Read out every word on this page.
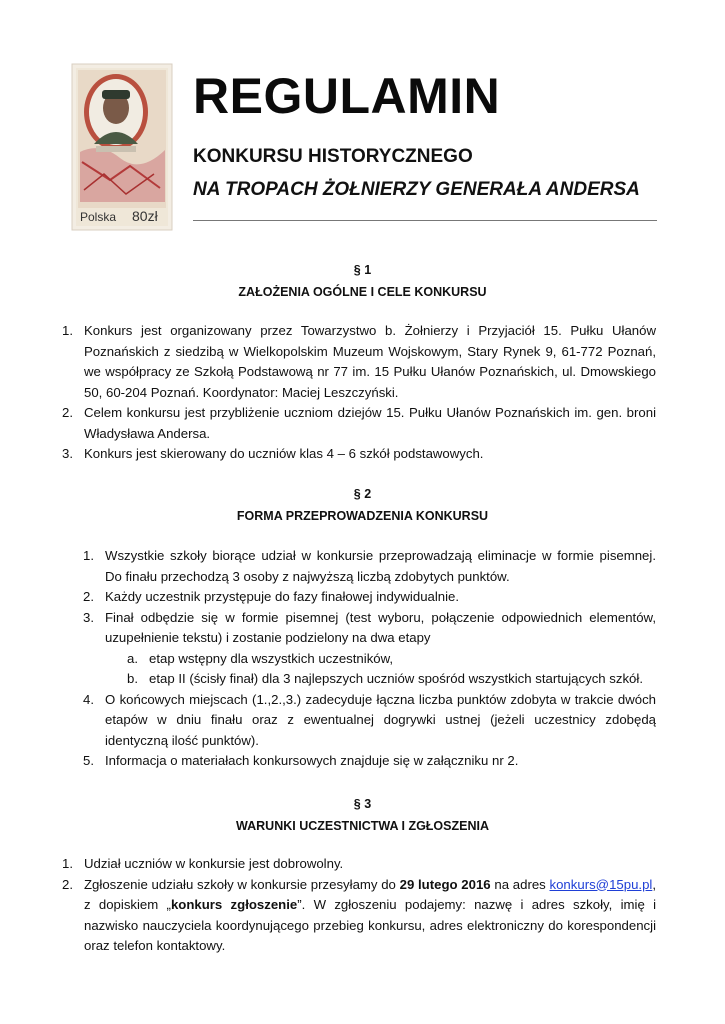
Polska 80zł
REGULAMIN
KONKURSU HISTORYCZNEGO
NA TROPACH ŻOŁNIERZY GENERAŁA ANDERSA
§ 1
ZAŁOŻENIA OGÓLNE I CELE KONKURSU
1. Konkurs jest organizowany przez Towarzystwo b. Żołnierzy i Przyjaciół 15. Pułku Ułanów Poznańskich z siedzibą w Wielkopolskim Muzeum Wojskowym, Stary Rynek 9, 61-772 Poznań, we współpracy ze Szkołą Podstawową nr 77 im. 15 Pułku Ułanów Poznańskich, ul. Dmowskiego 50, 60-204 Poznań. Koordynator: Maciej Leszczyński.
2. Celem konkursu jest przybliżenie uczniom dziejów 15. Pułku Ułanów Poznańskich im. gen. broni Władysława Andersa.
3. Konkurs jest skierowany do uczniów klas 4 – 6 szkół podstawowych.
§ 2
FORMA PRZEPROWADZENIA KONKURSU
1. Wszystkie szkoły biorące udział w konkursie przeprowadzają eliminacje w formie pisemnej. Do finału przechodzą 3 osoby z najwyższą liczbą zdobytych punktów.
2. Każdy uczestnik przystępuje do fazy finałowej indywidualnie.
3. Finał odbędzie się w formie pisemnej (test wyboru, połączenie odpowiednich elementów, uzupełnienie tekstu) i zostanie podzielony na dwa etapy
a. etap wstępny dla wszystkich uczestników,
b. etap II (ścisły finał) dla 3 najlepszych uczniów spośród wszystkich startujących szkół.
4. O końcowych miejscach (1.,2.,3.) zadecyduje łączna liczba punktów zdobyta w trakcie dwóch etapów w dniu finału oraz z ewentualnej dogrywki ustnej (jeżeli uczestnicy zdobędą identyczną ilość punktów).
5. Informacja o materiałach konkursowych znajduje się w załączniku nr 2.
§ 3
WARUNKI UCZESTNICTWA I ZGŁOSZENIA
1. Udział uczniów w konkursie jest dobrowolny.
2. Zgłoszenie udziału szkoły w konkursie przesyłamy do 29 lutego 2016 na adres konkurs@15pu.pl, z dopiskiem „konkurs zgłoszenie”. W zgłoszeniu podajemy: nazwę i adres szkoły, imię i nazwisko nauczyciela koordynującego przebieg konkursu, adres elektroniczny do korespondencji oraz telefon kontaktowy.
